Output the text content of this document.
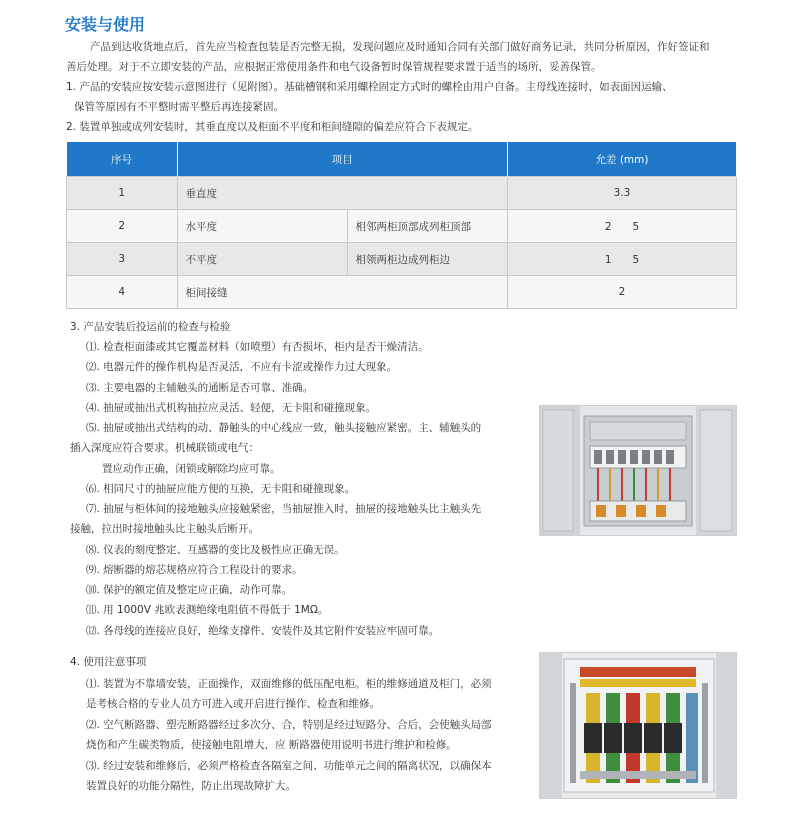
安装与使用
产品到达收货地点后，首先应当检查包装是否完整无损，发现问题应及时通知合同有关部门做好商务记录，共同分析原因，作好签证和
善后处理。对于不立即安装的产品，应根据正常使用条件和电气设备暂时保管规程要求置于适当的场所，妥善保管。
1. 产品的安装应按安装示意图进行（见附图）。基础槽钢和采用螺栓固定方式时的螺栓由用户自备。主母线连接时，如表面因运输、
保管等原因有不平整时需平整后再连接紧固。
2. 装置单独或成列安装时，其垂直度以及柜面不平度和柜间缝隙的偏差应符合下表规定。
序号	项目		允差 (mm)
1	垂直度		3.3
2	水平度	相邻两柜顶部成列柜顶部	2　　5
3	不平度	相领两柜边成列柜边	1　　5
4	柜间接缝		2
3. 产品安装后投运前的检查与检验
⑴. 检查柜面漆或其它覆盖材料（如喷塑）有否损坏，柜内是否干燥清洁。
⑵. 电器元件的操作机构是否灵活，不应有卡涩或操作力过大现象。
⑶. 主要电器的主辅触头的通断是否可靠、准确。
⑷. 抽屉或抽出式机构抽拉应灵活、轻便，无卡阻和碰撞现象。
⑸. 抽屉或抽出式结构的动、静触头的中心线应一致，触头接触应紧密。主、辅触头的
插入深度应符合要求。机械联锁或电气：
置应动作正确，闭锁或解除均应可靠。
⑹. 相同尺寸的抽屉应能方便的互换，无卡阻和碰撞现象。
⑺. 抽屉与柜体间的接地触头应接触紧密，当抽屉推入时，抽屉的接地触头比主触头先
接触，拉出时接地触头比主触头后断开。
⑻. 仪表的刻度整定、互感器的变比及极性应正确无误。
⑼. 熔断器的熔芯规格应符合工程设计的要求。
⑽. 保护的额定值及整定应正确，动作可靠。
⑾. 用 1000V 兆欧表测绝缘电阻值不得低于 1MΩ。
⑿. 各母线的连接应良好，绝缘支撑件、安装件及其它附件安装应牢固可靠。
4. 使用注意事项
⑴. 装置为不靠墙安装，正面操作，双面维修的低压配电柜。柜的维修通道及柜门，必须
是考核合格的专业人员方可进入或开启进行操作、检查和维修。
⑵. 空气断路器、塑壳断路器经过多次分、合，特别是经过短路分、合后，会使触头局部
烧伤和产生碳类物质，使接触电阻增大，应 断路器使用说明书进行维护和检修。
⑶. 经过安装和维修后，必须严格检查各隔室之间、功能单元之间的隔离状况，以确保本
装置良好的功能分隔性，防止出现故障扩大。
